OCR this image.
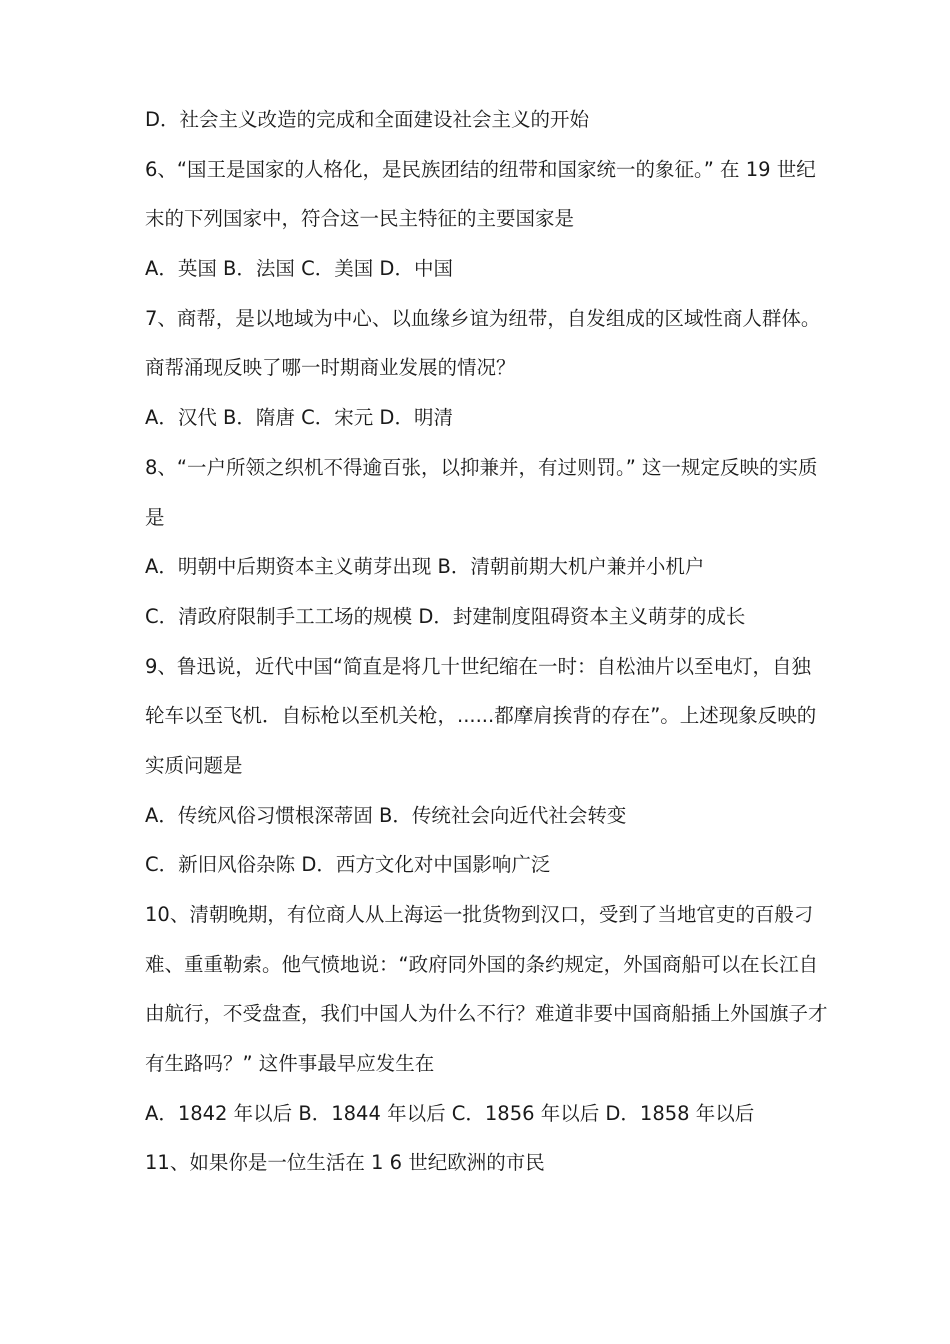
D．社会主义改造的完成和全面建设社会主义的开始
6、“国王是国家的人格化，是民族团结的纽带和国家统一的象征。” 在 19 世纪
末的下列国家中，符合这一民主特征的主要国家是
A．英国 B．法国 C．美国 D．中国
7、商帮，是以地域为中心、以血缘乡谊为纽带，自发组成的区域性商人群体。
商帮涌现反映了哪一时期商业发展的情况？
A．汉代 B．隋唐 C．宋元 D．明清
8、“一户所领之织机不得逾百张，以抑兼并，有过则罚。” 这一规定反映的实质
是
A．明朝中后期资本主义萌芽出现 B．清朝前期大机户兼并小机户
C．清政府限制手工工场的规模 D．封建制度阻碍资本主义萌芽的成长
9、鲁迅说，近代中国“简直是将几十世纪缩在一时：自松油片以至电灯，自独
轮车以至飞机．自标枪以至机关枪，......都摩肩挨背的存在”。上述现象反映的
实质问题是
A．传统风俗习惯根深蒂固 B．传统社会向近代社会转变
C．新旧风俗杂陈 D．西方文化对中国影响广泛
10、清朝晚期，有位商人从上海运一批货物到汉口，受到了当地官吏的百般刁
难、重重勒索。他气愤地说：“政府同外国的条约规定，外国商船可以在长江自
由航行，不受盘查，我们中国人为什么不行？难道非要中国商船插上外国旗子才
有生路吗？” 这件事最早应发生在
A．1842 年以后 B．1844 年以后 C．1856 年以后 D．1858 年以后
11、如果你是一位生活在 1 6 世纪欧洲的市民
